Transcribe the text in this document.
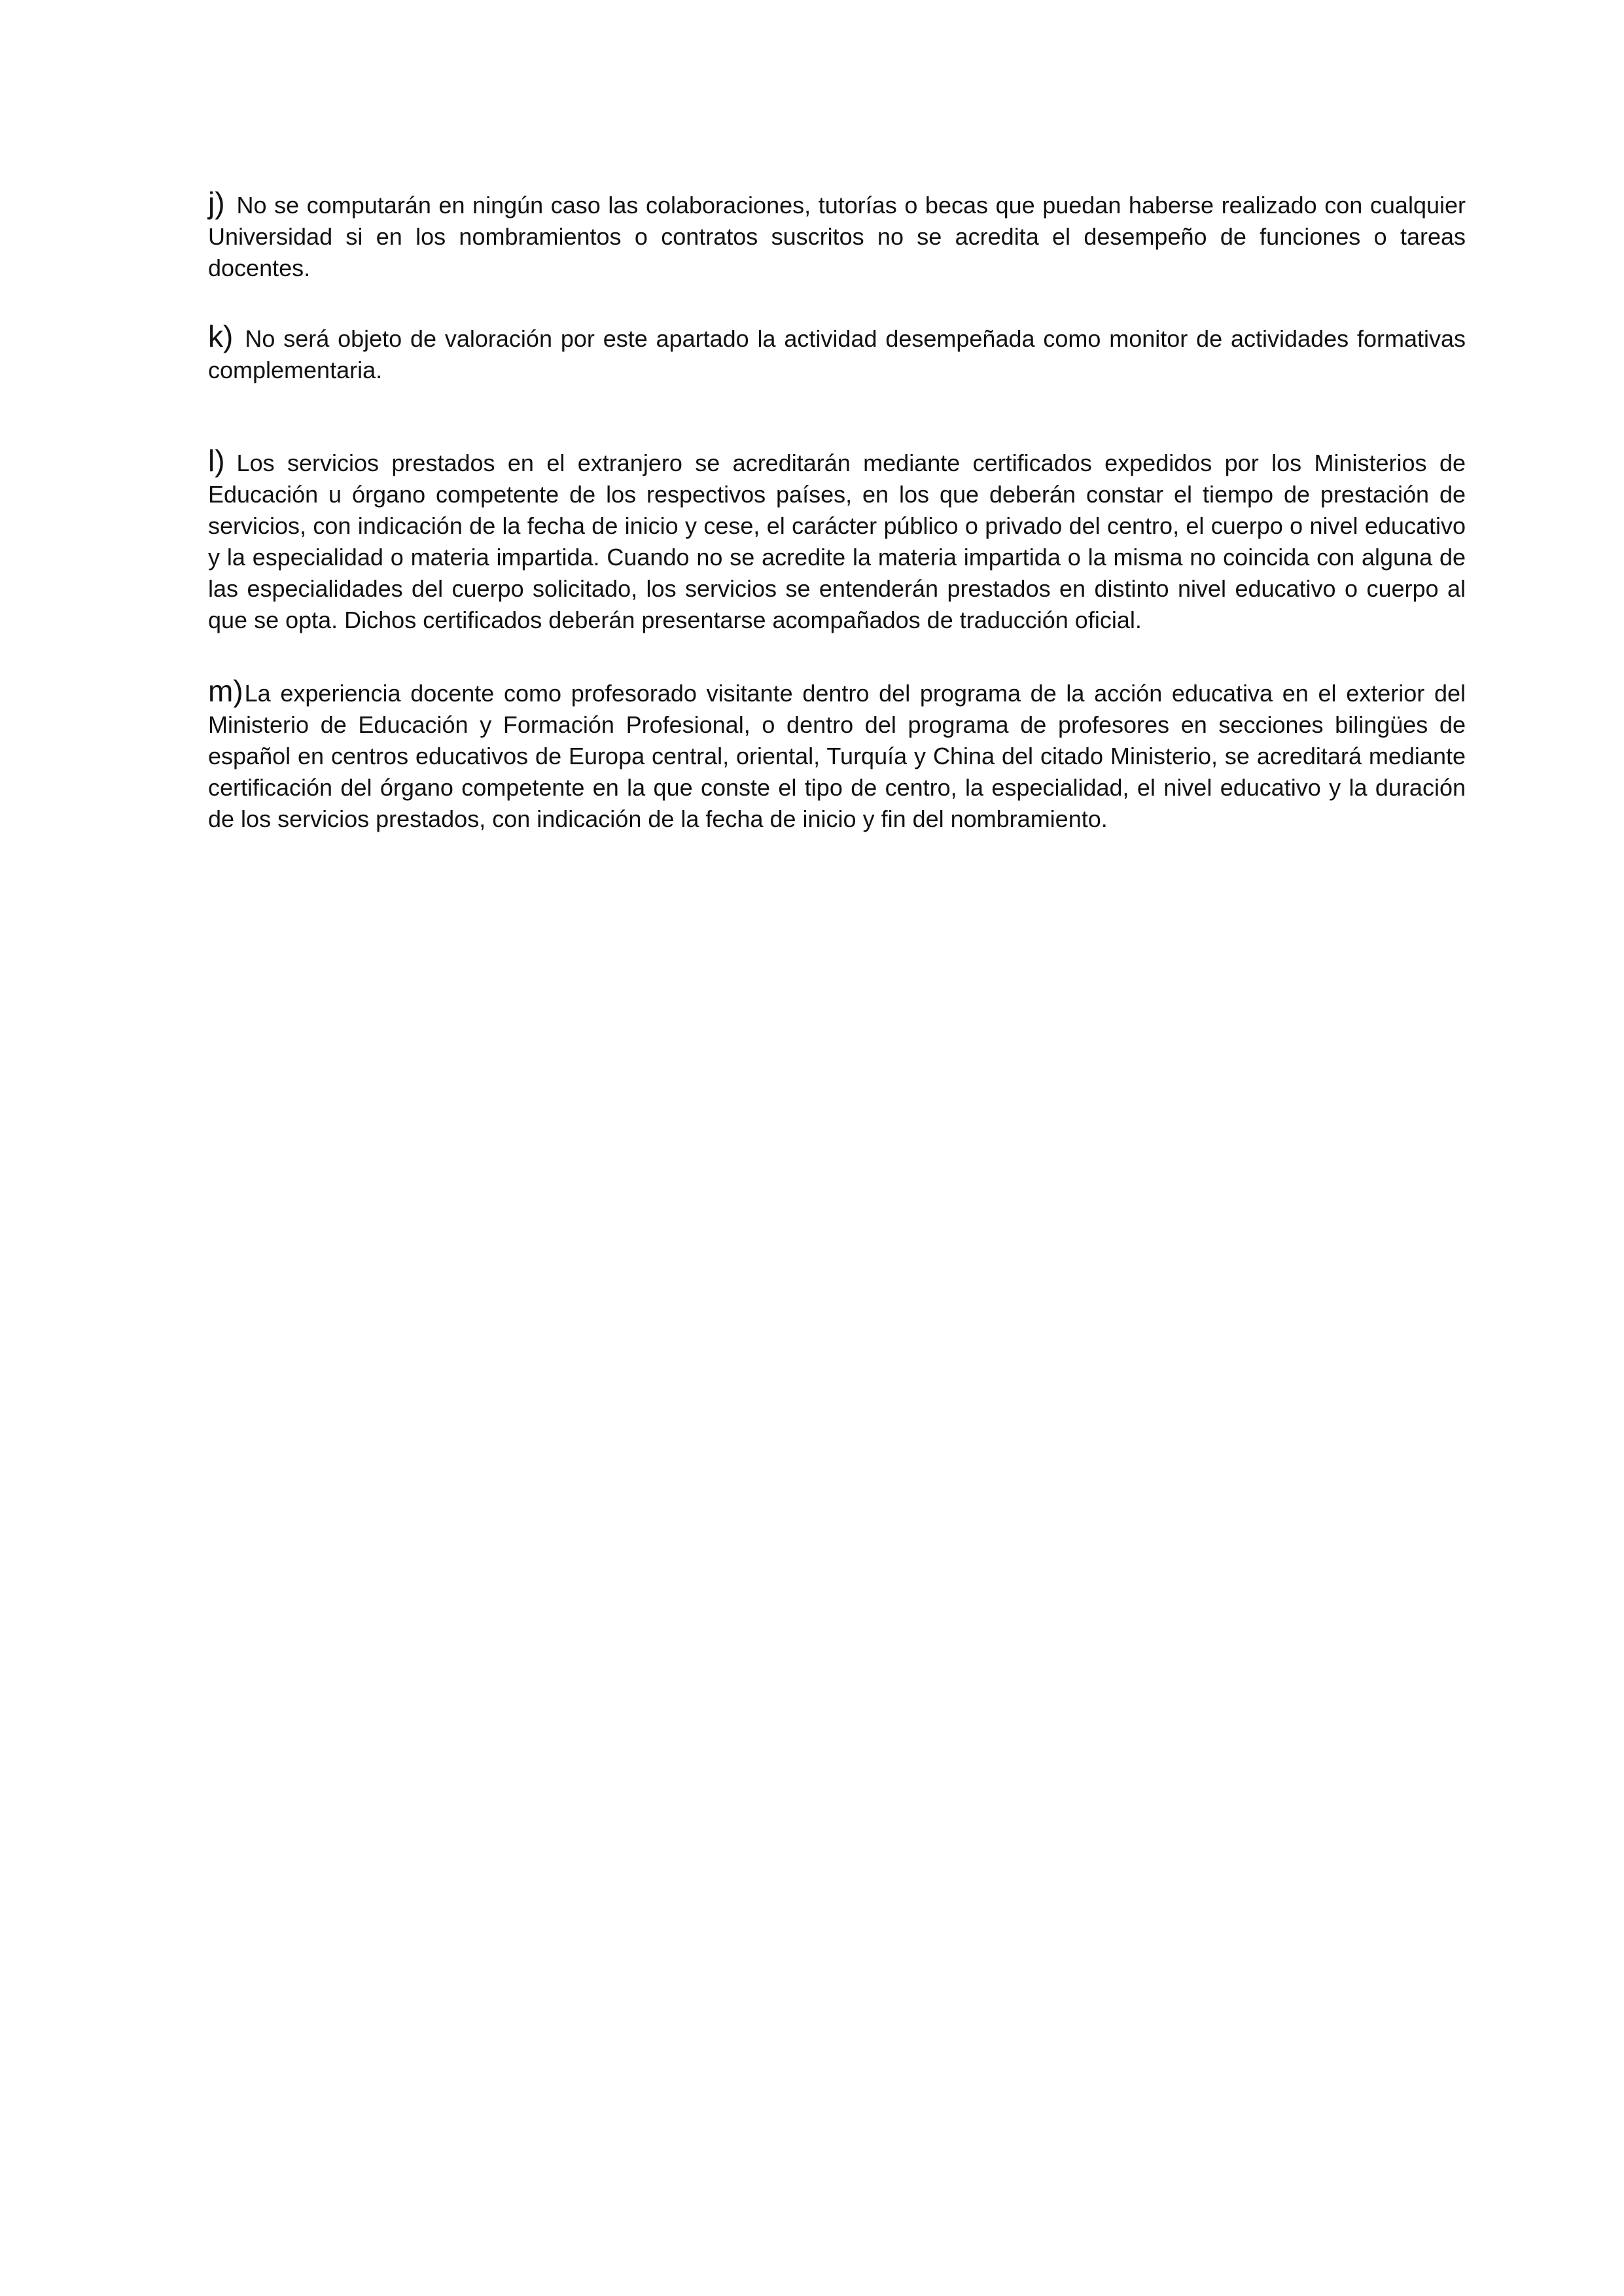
j) No se computarán en ningún caso las colaboraciones, tutorías o becas que puedan haberse realizado con cualquier Universidad si en los nombramientos o contratos suscritos no se acredita el desempeño de funciones o tareas docentes.

k) No será objeto de valoración por este apartado la actividad desempeñada como monitor de actividades formativas complementaria.

l) Los servicios prestados en el extranjero se acreditarán mediante certificados expedidos por los Ministerios de Educación u órgano competente de los respectivos países, en los que deberán constar el tiempo de prestación de servicios, con indicación de la fecha de inicio y cese, el carácter público o privado del centro, el cuerpo o nivel educativo y la especialidad o materia impartida. Cuando no se acredite la materia impartida o la misma no coincida con alguna de las especialidades del cuerpo solicitado, los servicios se entenderán prestados en distinto nivel educativo o cuerpo al que se opta. Dichos certificados deberán presentarse acompañados de traducción oficial.

m)La experiencia docente como profesorado visitante dentro del programa de la acción educativa en el exterior del Ministerio de Educación y Formación Profesional, o dentro del programa de profesores en secciones bilingües de español en centros educativos de Europa central, oriental, Turquía y China del citado Ministerio, se acreditará mediante certificación del órgano competente en la que conste el tipo de centro, la especialidad, el nivel educativo y la duración de los servicios prestados, con indicación de la fecha de inicio y fin del nombramiento.
